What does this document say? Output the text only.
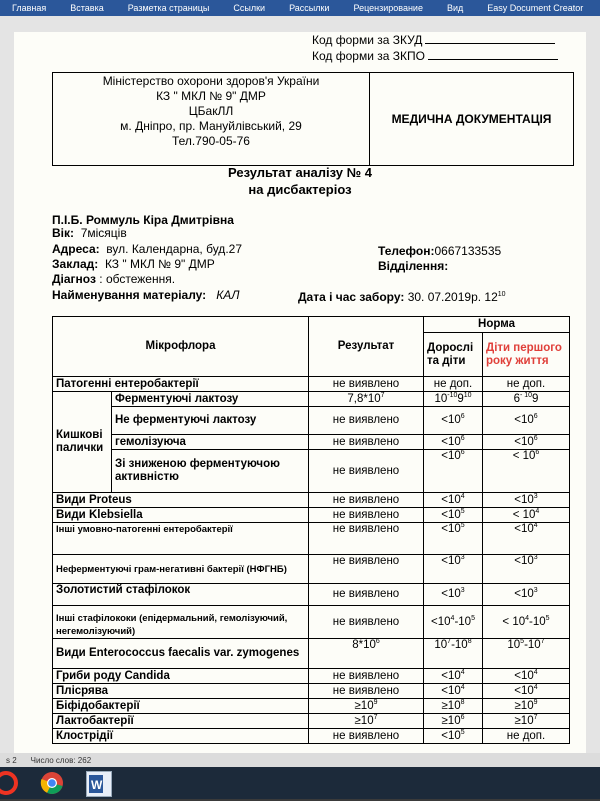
Главная	Вставка	Разметка страницы	Ссылки	Рассылки	Рецензирование	Вид	Easy Document Creator
Код форми за ЗКУД
Код форми за ЗКПО
Міністерство охорони здоров'я України
КЗ " МКЛ № 9" ДМР
ЦБакЛЛ
м. Дніпро, пр. Мануйлівський, 29
Тел.790-05-76
МЕДИЧНА ДОКУМЕНТАЦІЯ
Результат аналізу № 4
на дисбактеріоз
П.І.Б. Роммуль Кіра Дмитрівна
Вік: 7місяців
Адреса: вул. Календарна, буд.27	Телефон:0667133535
Заклад: КЗ " МКЛ № 9" ДМР	Відділення:
Діагноз : обстеження.
Найменування матеріалу: КАЛ	Дата і час забору: 30. 07.2019р. $12^{10}$
Мікрофлора		Результат	Норма	
			Дорослі та діти	Діти першого року життя
Патогенні ентеробактерії		не виявлено	не доп.	не доп.
Кишкові палички	Ферментуючі лактозу	$7,8*10^7$	$10^{-10}9^{10}$	$6^{- 10}9$
	Не ферментуючі лактозу	не виявлено	$<10^6$	$<10^6$
	гемолізуюча	не виявлено	$<10^6$	$<10^6$
	Зі зниженою ферментуючою активністю	не виявлено	$<10^6$	< $10^6$
Види Proteus		не виявлено	$<10^4$	$<10^3$
Види Klebsiella		не виявлено	$<10^5$	< $10^4$
Інші умовно-патогенні ентеробактерії		не виявлено	$<10^5$	$<10^4$
Неферментуючі грам-негативні бактерії (НФГНБ)		не виявлено	$<10^3$	$<10^3$
Золотистий стафілокок		не виявлено	$<10^3$	$<10^3$
Інші стафілококи (епідермальний, гемолізуючий, негемолізуючий)		не виявлено	$<10^4-10^5$	< $10^4-10^5$
Види Enterococcus faecalis var. zymogenes		$8*10^6$	$10^7-10^8$	$10^5-10^7$
Гриби роду Candida		не виявлено	$<10^4$	$<10^4$
Плісрява		не виявлено	$<10^4$	$<10^4$
Біфідобактерії		$\ge 10^9$	$\ge 10^8$	$\ge 10^9$
Лактобактерії		$\ge 10^7$	$\ge 10^6$	$\ge 10^7$
Клострідії		не виявлено	$<10^5$	не доп.
s 2	Число слов: 262
W
